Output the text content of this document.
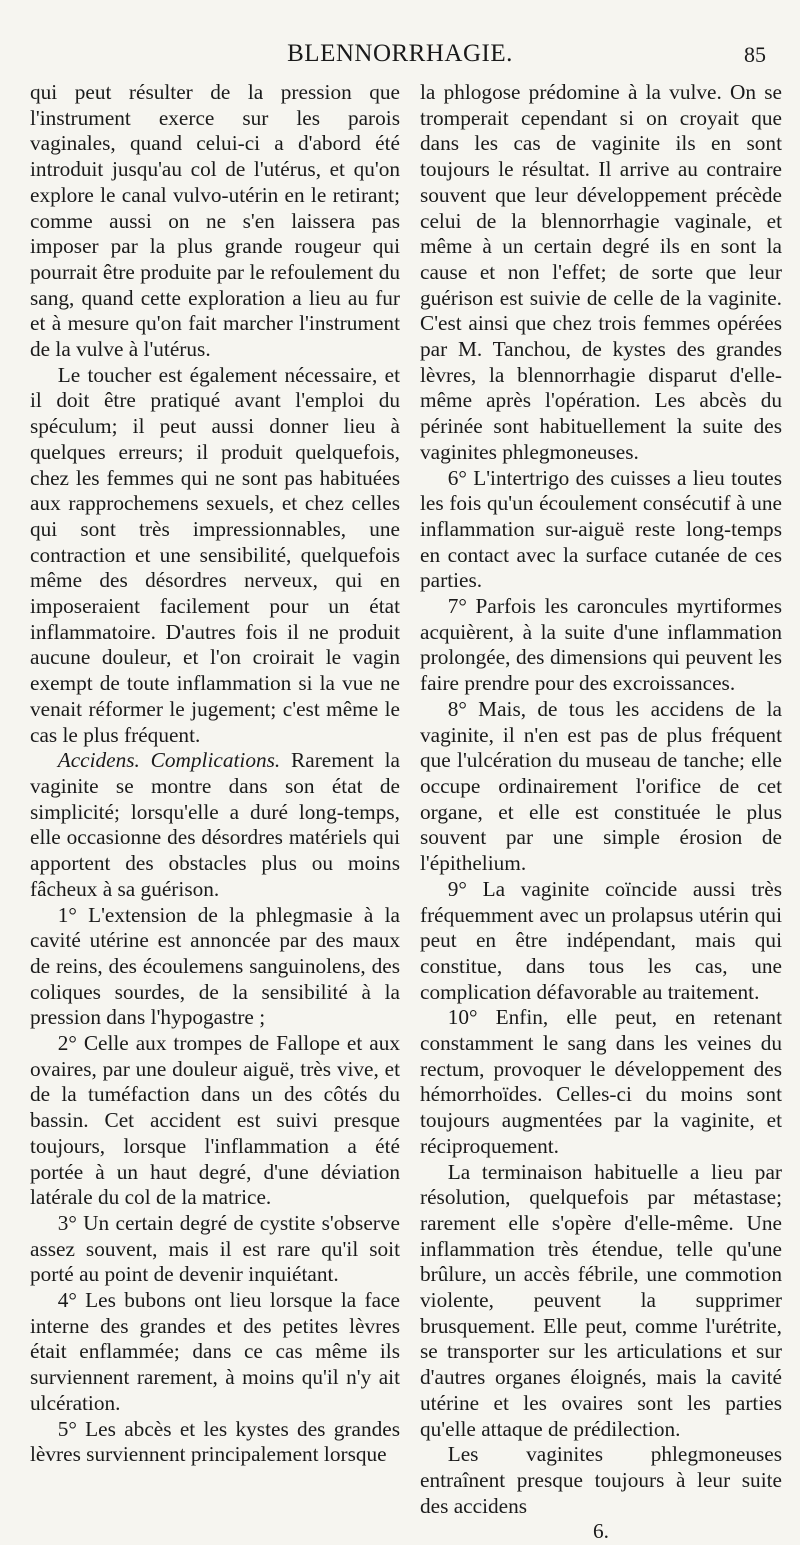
BLENNORRHAGIE.	85

qui peut résulter de la pression que l'instrument exerce sur les parois vaginales, quand celui-ci a d'abord été introduit jusqu'au col de l'utérus, et qu'on explore le canal vulvo-utérin en le retirant; comme aussi on ne s'en laissera pas imposer par la plus grande rougeur qui pourrait être produite par le refoulement du sang, quand cette exploration a lieu au fur et à mesure qu'on fait marcher l'instrument de la vulve à l'utérus.

Le toucher est également nécessaire, et il doit être pratiqué avant l'emploi du spéculum; il peut aussi donner lieu à quelques erreurs; il produit quelquefois, chez les femmes qui ne sont pas habituées aux rapprochemens sexuels, et chez celles qui sont très impressionnables, une contraction et une sensibilité, quelquefois même des désordres nerveux, qui en imposeraient facilement pour un état inflammatoire. D'autres fois il ne produit aucune douleur, et l'on croirait le vagin exempt de toute inflammation si la vue ne venait réformer le jugement; c'est même le cas le plus fréquent.

Accidens. Complications. Rarement la vaginite se montre dans son état de simplicité; lorsqu'elle a duré long-temps, elle occasionne des désordres matériels qui apportent des obstacles plus ou moins fâcheux à sa guérison.

1° L'extension de la phlegmasie à la cavité utérine est annoncée par des maux de reins, des écoulemens sanguinolens, des coliques sourdes, de la sensibilité à la pression dans l'hypogastre ;

2° Celle aux trompes de Fallope et aux ovaires, par une douleur aiguë, très vive, et de la tuméfaction dans un des côtés du bassin. Cet accident est suivi presque toujours, lorsque l'inflammation a été portée à un haut degré, d'une déviation latérale du col de la matrice.

3° Un certain degré de cystite s'observe assez souvent, mais il est rare qu'il soit porté au point de devenir inquiétant.

4° Les bubons ont lieu lorsque la face interne des grandes et des petites lèvres était enflammée; dans ce cas même ils surviennent rarement, à moins qu'il n'y ait ulcération.

5° Les abcès et les kystes des grandes lèvres surviennent principalement lorsque

la phlogose prédomine à la vulve. On se tromperait cependant si on croyait que dans les cas de vaginite ils en sont toujours le résultat. Il arrive au contraire souvent que leur développement précède celui de la blennorrhagie vaginale, et même à un certain degré ils en sont la cause et non l'effet; de sorte que leur guérison est suivie de celle de la vaginite. C'est ainsi que chez trois femmes opérées par M. Tanchou, de kystes des grandes lèvres, la blennorrhagie disparut d'elle-même après l'opération. Les abcès du périnée sont habituellement la suite des vaginites phlegmoneuses.

6° L'intertrigo des cuisses a lieu toutes les fois qu'un écoulement consécutif à une inflammation sur-aiguë reste long-temps en contact avec la surface cutanée de ces parties.

7° Parfois les caroncules myrtiformes acquièrent, à la suite d'une inflammation prolongée, des dimensions qui peuvent les faire prendre pour des excroissances.

8° Mais, de tous les accidens de la vaginite, il n'en est pas de plus fréquent que l'ulcération du museau de tanche; elle occupe ordinairement l'orifice de cet organe, et elle est constituée le plus souvent par une simple érosion de l'épithelium.

9° La vaginite coïncide aussi très fréquemment avec un prolapsus utérin qui peut en être indépendant, mais qui constitue, dans tous les cas, une complication défavorable au traitement.

10° Enfin, elle peut, en retenant constamment le sang dans les veines du rectum, provoquer le développement des hémorrhoïdes. Celles-ci du moins sont toujours augmentées par la vaginite, et réciproquement.

La terminaison habituelle a lieu par résolution, quelquefois par métastase; rarement elle s'opère d'elle-même. Une inflammation très étendue, telle qu'une brûlure, un accès fébrile, une commotion violente, peuvent la supprimer brusquement. Elle peut, comme l'urétrite, se transporter sur les articulations et sur d'autres organes éloignés, mais la cavité utérine et les ovaires sont les parties qu'elle attaque de prédilection.

Les vaginites phlegmoneuses entraînent presque toujours à leur suite des accidens

6.
